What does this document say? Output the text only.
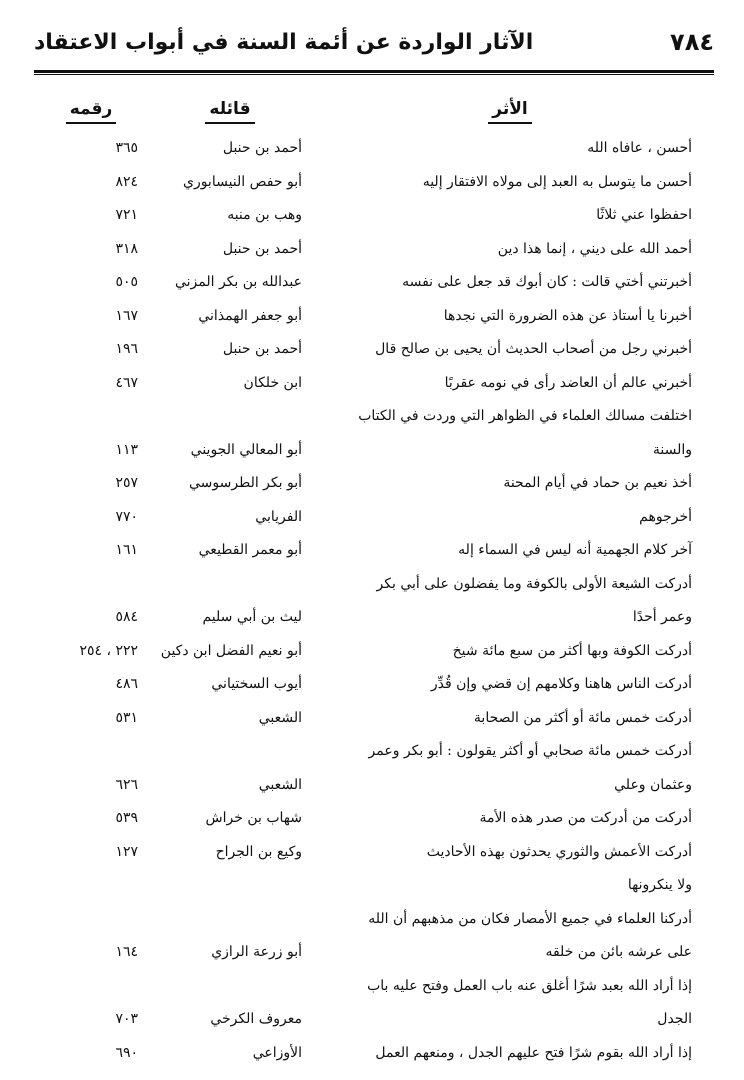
٧٨٤
الآثار الواردة عن أئمة السنة في أبواب الاعتقاد
الأثر
قائله
رقمه
أحسن ، عافاه الله
أحمد بن حنبل
٣٦٥
أحسن ما يتوسل به العبد إلى مولاه الافتقار إليه
أبو حفص النيسابوري
٨٢٤
احفظوا عني ثلاثًا
وهب بن منبه
٧٢١
أحمد الله على ديني ، إنما هذا دين
أحمد بن حنبل
٣١٨
أخبرتني أختي قالت : كان أبوك قد جعل على نفسه
عبدالله بن بكر المزني
٥٠٥
أخبرنا يا أستاذ عن هذه الضرورة التي نجدها
أبو جعفر الهمذاني
١٦٧
أخبرني رجل من أصحاب الحديث أن يحيى بن صالح قال
أحمد بن حنبل
١٩٦
أخبرني عالم أن العاضد رأى في نومه عقربًا
ابن خلكان
٤٦٧
اختلفت مسالك العلماء في الظواهر التي وردت في الكتاب
والسنة
أبو المعالي الجويني
١١٣
أخذ نعيم بن حماد في أيام المحنة
أبو بكر الطرسوسي
٢٥٧
أخرجوهم
الفريابي
٧٧٠
آخر كلام الجهمية أنه ليس في السماء إله
أبو معمر القطيعي
١٦١
أدركت الشيعة الأولى بالكوفة وما يفضلون على أبي بكر
وعمر أحدًا
ليث بن أبي سليم
٥٨٤
أدركت الكوفة وبها أكثر من سبع مائة شيخ
أبو نعيم الفضل ابن دكين
٢٢٢ ، ٢٥٤
أدركت الناس هاهنا وكلامهم إن قضي وإن قُدِّر
أيوب السختياني
٤٨٦
أدركت خمس مائة أو أكثر من الصحابة
الشعبي
٥٣١
أدركت خمس مائة صحابي أو أكثر يقولون : أبو بكر وعمر
وعثمان وعلي
الشعبي
٦٢٦
أدركت من أدركت من صدر هذه الأمة
شهاب بن خراش
٥٣٩
أدركت الأعمش والثوري يحدثون بهذه الأحاديث
وكيع بن الجراح
١٢٧
ولا ينكرونها
أدركنا العلماء في جميع الأمصار فكان من مذهبهم أن الله
على عرشه بائن من خلقه
أبو زرعة الرازي
١٦٤
إذا أراد الله بعبد شرًا أغلق عنه باب العمل وفتح عليه باب
الجدل
معروف الكرخي
٧٠٣
إذا أراد الله بقوم شرًا فتح عليهم الجدل ، ومنعهم العمل
الأوزاعي
٦٩٠
